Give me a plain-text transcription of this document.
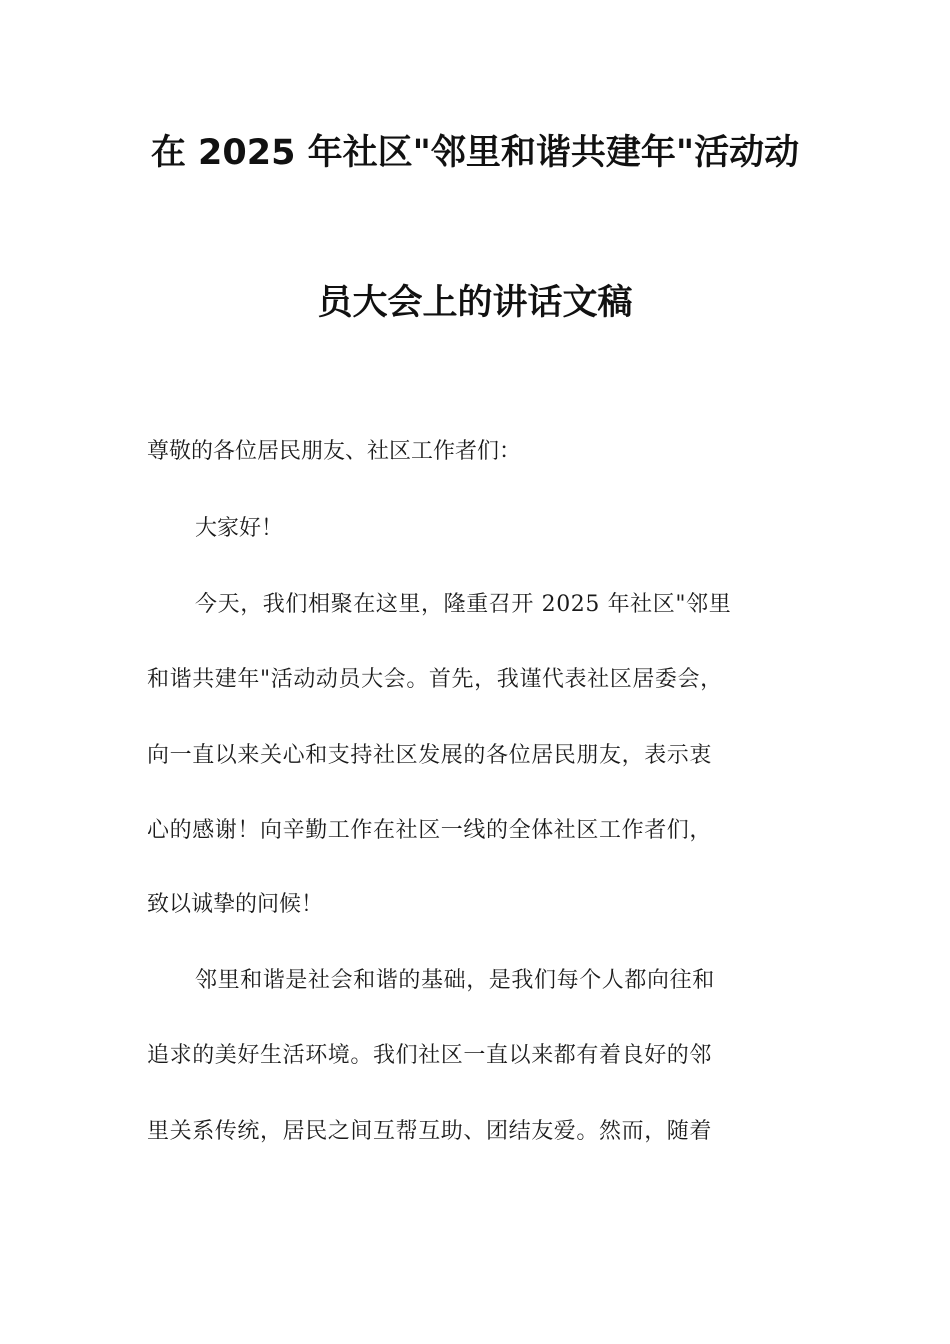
在 2025 年社区"邻里和谐共建年"活动动
员大会上的讲话文稿
尊敬的各位居民朋友、社区工作者们：
大家好！
今天，我们相聚在这里，隆重召开 2025 年社区"邻里
和谐共建年"活动动员大会。首先，我谨代表社区居委会，
向一直以来关心和支持社区发展的各位居民朋友，表示衷
心的感谢！向辛勤工作在社区一线的全体社区工作者们，
致以诚挚的问候！
邻里和谐是社会和谐的基础，是我们每个人都向往和
追求的美好生活环境。我们社区一直以来都有着良好的邻
里关系传统，居民之间互帮互助、团结友爱。然而，随着
